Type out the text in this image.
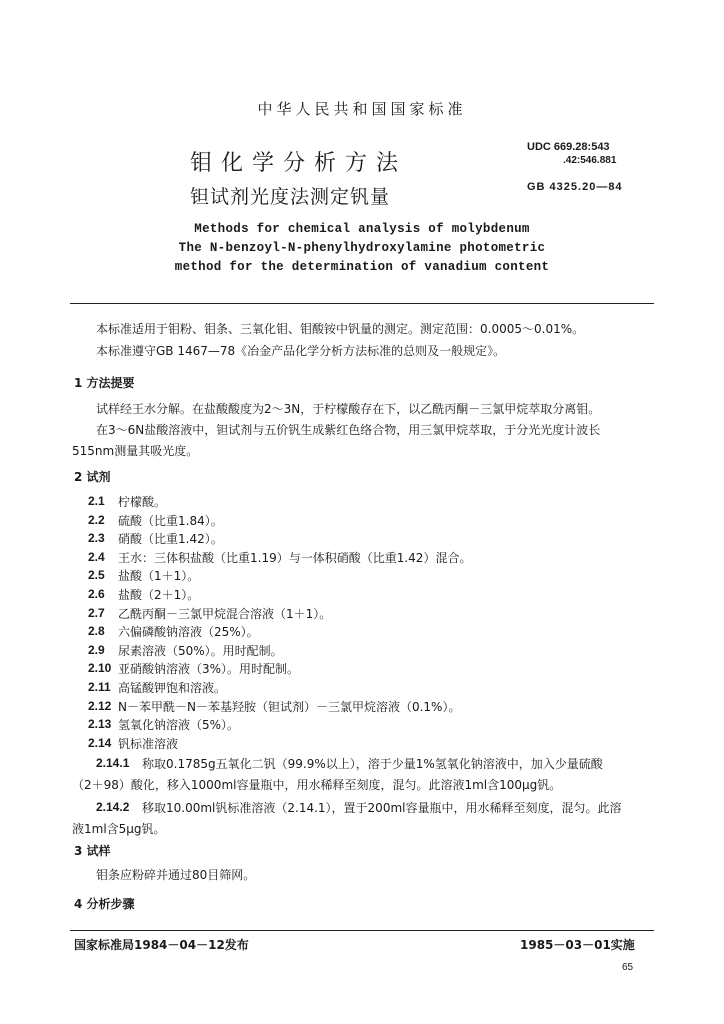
中华人民共和国国家标准
钼化学分析方法
钽试剂光度法测定钒量
UDC 669.28:543
.42:546.881
GB 4325.20—84
Methods for chemical analysis of molybdenum
The N-benzoyl-N-phenylhydroxylamine photometric
method for the determination of vanadium content
本标准适用于钼粉、钼条、三氧化钼、钼酸铵中钒量的测定。测定范围：0.0005～0.01%。
本标准遵守GB 1467—78《冶金产品化学分析方法标准的总则及一般规定》。
1 方法提要
试样经王水分解。在盐酸酸度为2～3N，于柠檬酸存在下，以乙酰丙酮－三氯甲烷萃取分离钼。
在3～6N盐酸溶液中，钽试剂与五价钒生成紫红色络合物，用三氯甲烷萃取，于分光光度计波长
515nm测量其吸光度。
2 试剂
2.1 柠檬酸。
2.2 硫酸（比重1.84）。
2.3 硝酸（比重1.42）。
2.4 王水：三体积盐酸（比重1.19）与一体积硝酸（比重1.42）混合。
2.5 盐酸（1＋1）。
2.6 盐酸（2＋1）。
2.7 乙酰丙酮－三氯甲烷混合溶液（1＋1）。
2.8 六偏磷酸钠溶液（25%）。
2.9 尿素溶液（50%）。用时配制。
2.10 亚硝酸钠溶液（3%）。用时配制。
2.11 高锰酸钾饱和溶液。
2.12 N－苯甲酰－N－苯基羟胺（钽试剂）－三氯甲烷溶液（0.1%）。
2.13 氢氧化钠溶液（5%）。
2.14 钒标准溶液
2.14.1 称取0.1785g五氧化二钒（99.9%以上），溶于少量1%氢氧化钠溶液中，加入少量硫酸
（2＋98）酸化，移入1000ml容量瓶中，用水稀释至刻度，混匀。此溶液1ml含100μg钒。
2.14.2 移取10.00ml钒标准溶液（2.14.1），置于200ml容量瓶中，用水稀释至刻度，混匀。此溶
液1ml含5μg钒。
3 试样
钼条应粉碎并通过80目筛网。
4 分析步骤
国家标准局1984－04－12发布	1985－03－01实施
65
